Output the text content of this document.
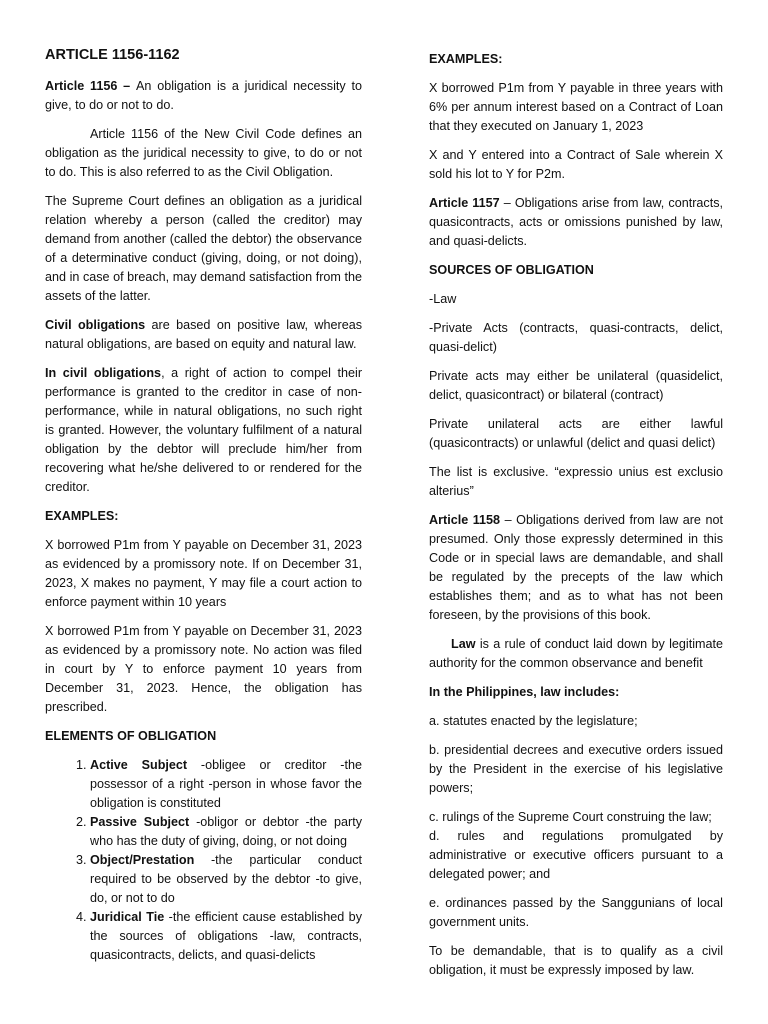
ARTICLE 1156-1162

Article 1156 – An obligation is a juridical necessity to give, to do or not to do.

Article 1156 of the New Civil Code defines an obligation as the juridical necessity to give, to do or not to do. This is also referred to as the Civil Obligation.

The Supreme Court defines an obligation as a juridical relation whereby a person (called the creditor) may demand from another (called the debtor) the observance of a determinative conduct (giving, doing, or not doing), and in case of breach, may demand satisfaction from the assets of the latter.

Civil obligations are based on positive law, whereas natural obligations, are based on equity and natural law.

In civil obligations, a right of action to compel their performance is granted to the creditor in case of non-performance, while in natural obligations, no such right is granted. However, the voluntary fulfilment of a natural obligation by the debtor will preclude him/her from recovering what he/she delivered to or rendered for the creditor.

EXAMPLES:

X borrowed P1m from Y payable on December 31, 2023 as evidenced by a promissory note. If on December 31, 2023, X makes no payment, Y may file a court action to enforce payment within 10 years

X borrowed P1m from Y payable on December 31, 2023 as evidenced by a promissory note. No action was filed in court by Y to enforce payment 10 years from December 31, 2023. Hence, the obligation has prescribed.

ELEMENTS OF OBLIGATION
1. Active Subject -obligee or creditor -the possessor of a right -person in whose favor the obligation is constituted
2. Passive Subject -obligor or debtor -the party who has the duty of giving, doing, or not doing
3. Object/Prestation -the particular conduct required to be observed by the debtor -to give, do, or not to do
4. Juridical Tie -the efficient cause established by the sources of obligations -law, contracts, quasicontracts, delicts, and quasi-delicts
EXAMPLES:

X borrowed P1m from Y payable in three years with 6% per annum interest based on a Contract of Loan that they executed on January 1, 2023

X and Y entered into a Contract of Sale wherein X sold his lot to Y for P2m.

Article 1157 – Obligations arise from law, contracts, quasicontracts, acts or omissions punished by law, and quasi-delicts.

SOURCES OF OBLIGATION

-Law

-Private Acts (contracts, quasi-contracts, delict, quasi-delict)

Private acts may either be unilateral (quasidelict, delict, quasicontract) or bilateral (contract)

Private unilateral acts are either lawful (quasicontracts) or unlawful (delict and quasi delict)

The list is exclusive. “expressio unius est exclusio alterius”

Article 1158 – Obligations derived from law are not presumed. Only those expressly determined in this Code or in special laws are demandable, and shall be regulated by the precepts of the law which establishes them; and as to what has not been foreseen, by the provisions of this book.

Law is a rule of conduct laid down by legitimate authority for the common observance and benefit

In the Philippines, law includes:

a. statutes enacted by the legislature;

b. presidential decrees and executive orders issued by the President in the exercise of his legislative powers;

c. rulings of the Supreme Court construing the law;

d. rules and regulations promulgated by administrative or executive officers pursuant to a delegated power; and

e. ordinances passed by the Sanggunians of local government units.

To be demandable, that is to qualify as a civil obligation, it must be expressly imposed by law.
